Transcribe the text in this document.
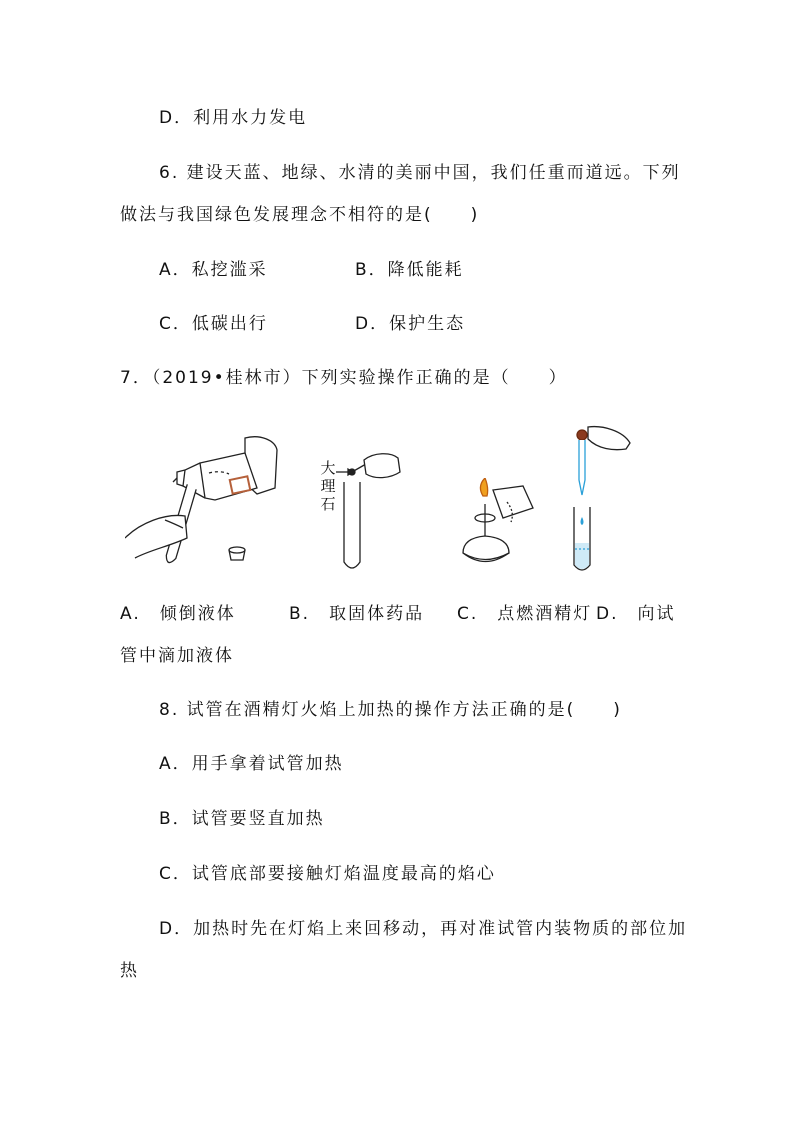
D．利用水力发电
6. 建设天蓝、地绿、水清的美丽中国，我们任重而道远。下列
做法与我国绿色发展理念不相符的是(　　)
A．私挖滥采	B．降低能耗
C．低碳出行	D．保护生态
7．（2019•桂林市）下列实验操作正确的是（　　）
大
理
石
A.　倾倒液体	B.　取固体药品 C.　点燃酒精灯 D.　向试
管中滴加液体
8. 试管在酒精灯火焰上加热的操作方法正确的是(　　)
A．用手拿着试管加热
B．试管要竖直加热
C．试管底部要接触灯焰温度最高的焰心
D．加热时先在灯焰上来回移动，再对准试管内装物质的部位加
热
